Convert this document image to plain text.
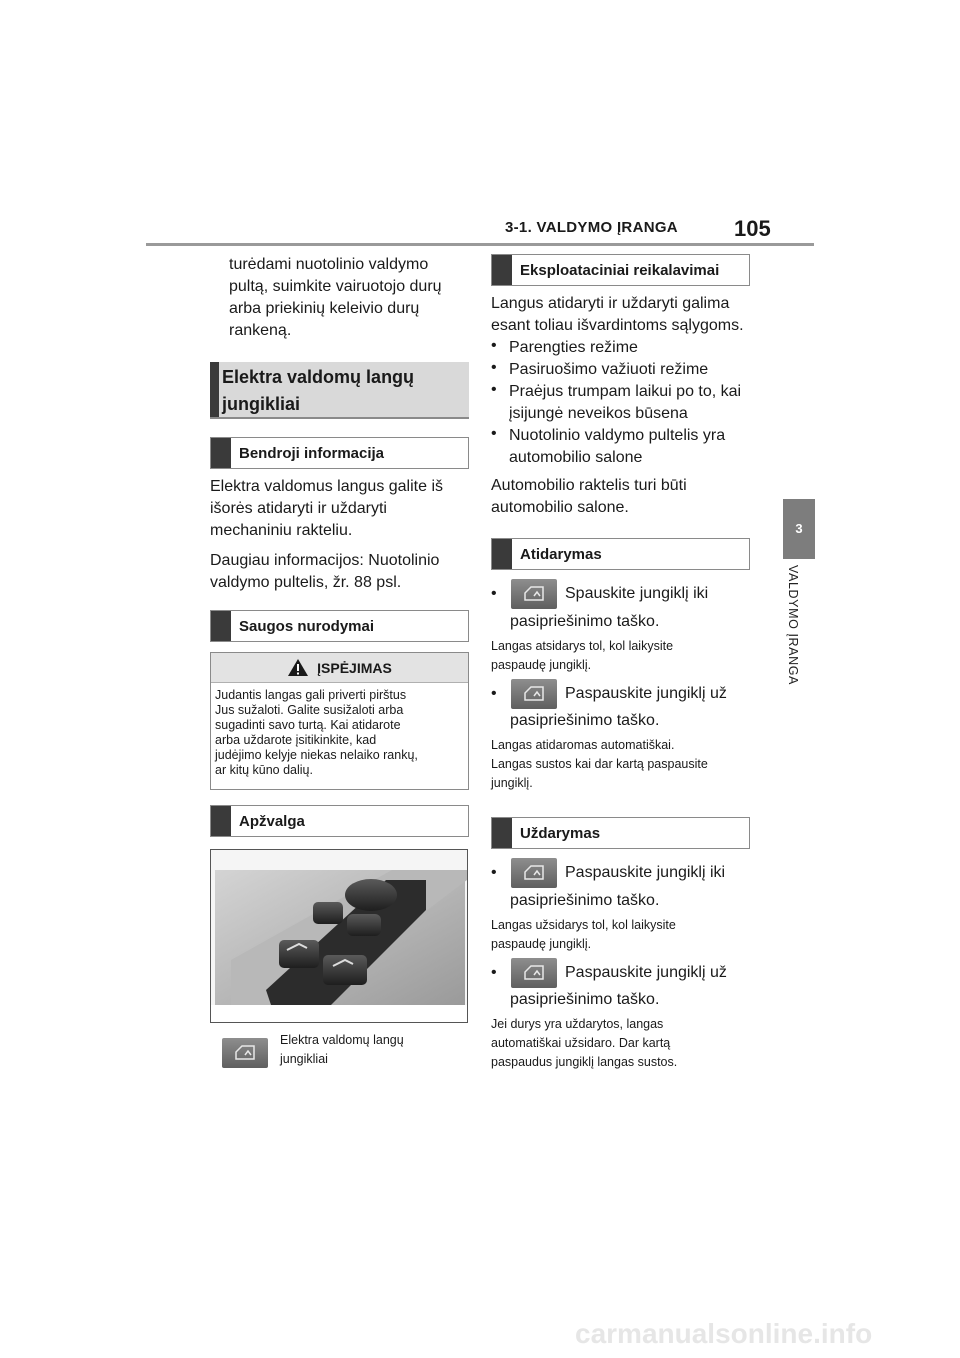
3-1. VALDYMO ĮRANGA	105
3
VALDYMO ĮRANGA

turėdami nuotolinio valdymo

pultą, suimkite vairuotojo durų

arba priekinių keleivio durų

rankeną.

Elektra valdomų langų
jungikliai
Bendroji informacija

Elektra valdomus langus galite iš

išorės atidaryti ir uždaryti

mechaniniu rakteliu.

Daugiau informacijos: Nuotolinio

valdymo pultelis, žr. 88 psl.

Saugos nurodymai
ĮSPĖJIMAS

Judantis langas gali priverti pirštus

Jus sužaloti. Galite susižaloti arba

sugadinti savo turtą. Kai atidarote

arba uždarote įsitikinkite, kad

judėjimo kelyje niekas nelaiko rankų,

ar kitų kūno dalių.

Apžvalga

Elektra valdomų langų

jungikliai

Eksploataciniai reikalavimai

Langus atidaryti ir uždaryti galima

esant toliau išvardintoms sąlygoms.

• Parengties režime

• Pasiruošimo važiuoti režime

• Praėjus trumpam laikui po to, kai

įsijungė neveikos būsena

• Nuotolinio valdymo pultelis yra

automobilio salone

Automobilio raktelis turi būti

automobilio salone.

Atidarymas
•	Spauskite jungiklį iki

pasipriešinimo taško.

Langas atsidarys tol, kol laikysite

paspaudę jungiklį.

•	Paspauskite jungiklį už

pasipriešinimo taško.

Langas atidaromas automatiškai.

Langas sustos kai dar kartą paspausite

jungiklį.

Uždarymas
•	Paspauskite jungiklį iki

pasipriešinimo taško.

Langas užsidarys tol, kol laikysite

paspaudę jungiklį.

•	Paspauskite jungiklį už

pasipriešinimo taško.

Jei durys yra uždarytos, langas

automatiškai užsidaro. Dar kartą

paspaudus jungiklį langas sustos.

carmanualsonline.info
